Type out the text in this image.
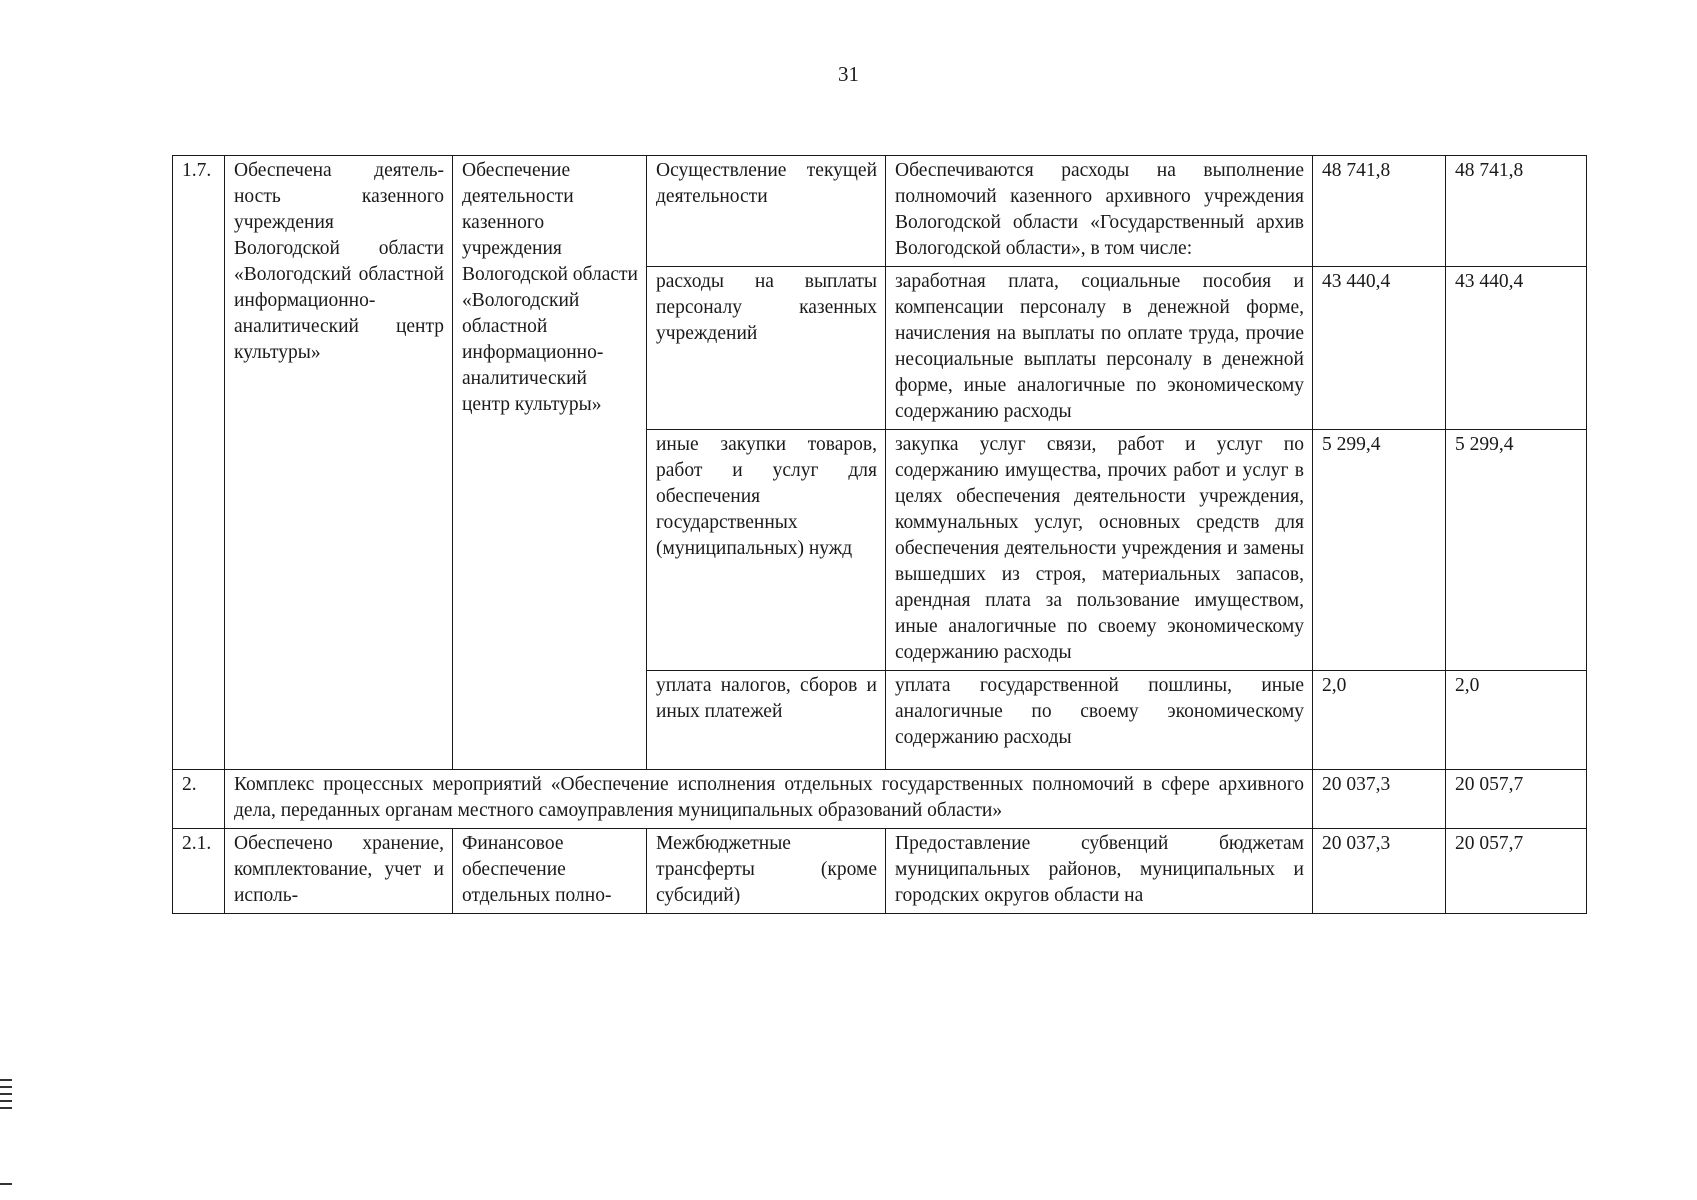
31
1.7.	Обеспечена деятель-ность казенного учреждения Вологодской области «Вологодский областной информационно-аналитический центр культуры»	Обеспечение деятельности казенного учреждения Вологодской области «Вологодский областной информационно-аналитический центр культуры»	Осуществление текущей деятельности	Обеспечиваются расходы на выполнение полномочий казенного архивного учреждения Вологодской области «Государственный архив Вологодской области», в том числе:	48 741,8	48 741,8
			расходы на выплаты персоналу казенных учреждений	заработная плата, социальные пособия и компенсации персоналу в денежной форме, начисления на выплаты по оплате труда, прочие несоциальные выплаты персоналу в денежной форме, иные аналогичные по экономическому содержанию расходы	43 440,4	43 440,4
			иные закупки товаров, работ и услуг для обеспечения государственных (муниципальных) нужд	закупка услуг связи, работ и услуг по содержанию имущества, прочих работ и услуг в целях обеспечения деятельности учреждения, коммунальных услуг, основных средств для обеспечения деятельности учреждения и замены вышедших из строя, материальных запасов, арендная плата за пользование имуществом, иные аналогичные по своему экономическому содержанию расходы	5 299,4	5 299,4
			уплата налогов, сборов и иных платежей	уплата государственной пошлины, иные аналогичные по своему экономическому содержанию расходы	2,0	2,0
2.	Комплекс процессных мероприятий «Обеспечение исполнения отдельных государственных полномочий в сфере архивного дела, переданных органам местного самоуправления муниципальных образований области»				20 037,3	20 057,7
2.1.	Обеспечено хранение, комплектование, учет и исполь-	Финансовое обеспечение отдельных полно-	Межбюджетные трансферты (кроме субсидий)	Предоставление субвенций бюджетам муниципальных районов, муниципальных и городских округов области на	20 037,3	20 057,7
